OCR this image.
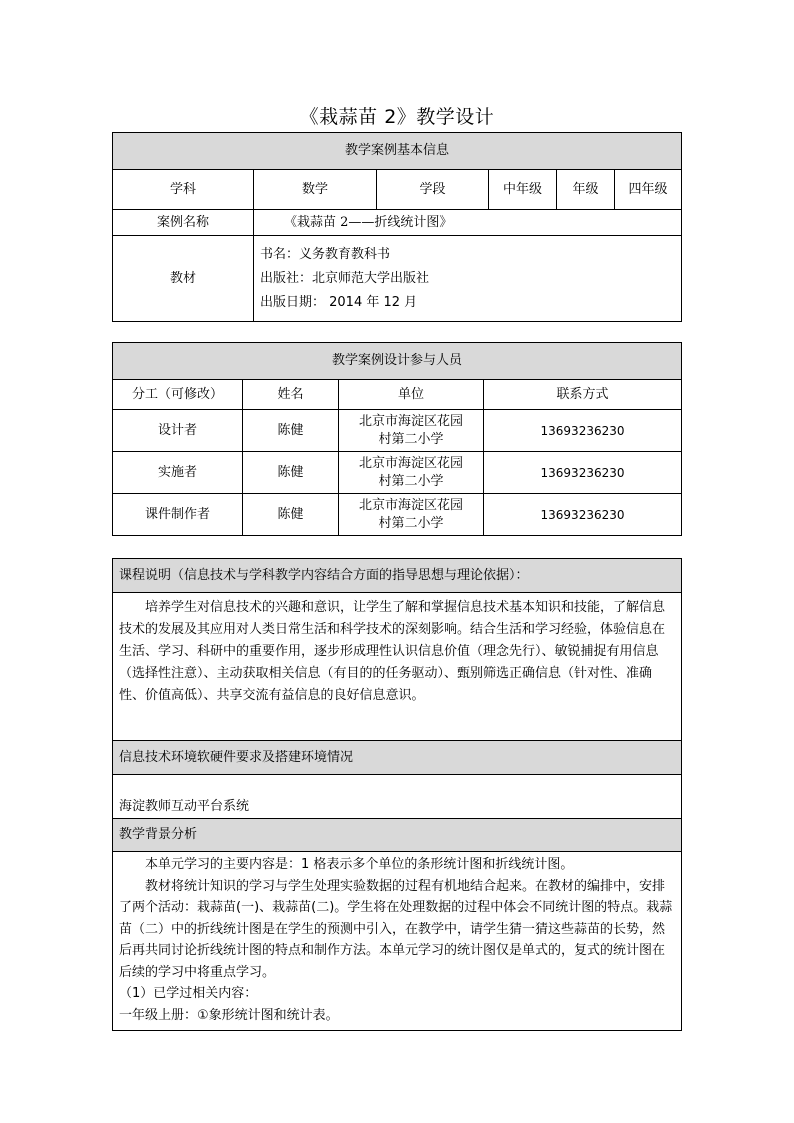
《栽蒜苗 2》教学设计
教学案例基本信息					
学科	数学	学段	中年级	年级	四年级
案例名称	《栽蒜苗 2——折线统计图》				
教材	书名：义务教育教科书
出版社：北京师范大学出版社
出版日期： 2014 年 12 月				
教学案例设计参与人员			
分工（可修改）	姓名	单位	联系方式
设计者	陈健	北京市海淀区花园村第二小学	13693236230
实施者	陈健	北京市海淀区花园村第二小学	13693236230
课件制作者	陈健	北京市海淀区花园村第二小学	13693236230
课程说明（信息技术与学科教学内容结合方面的指导思想与理论依据）：

培养学生对信息技术的兴趣和意识，让学生了解和掌握信息技术基本知识和技能，了解信息技术的发展及其应用对人类日常生活和科学技术的深刻影响。结合生活和学习经验，体验信息在生活、学习、科研中的重要作用，逐步形成理性认识信息价值（理念先行）、敏锐捕捉有用信息（选择性注意）、主动获取相关信息（有目的的任务驱动）、甄别筛选正确信息（针对性、准确性、价值高低）、共享交流有益信息的良好信息意识。

信息技术环境软硬件要求及搭建环境情况
海淀教师互动平台系统
教学背景分析

本单元学习的主要内容是：1 格表示多个单位的条形统计图和折线统计图。

教材将统计知识的学习与学生处理实验数据的过程有机地结合起来。在教材的编排中，安排了两个活动：栽蒜苗(一)、栽蒜苗(二)。学生将在处理数据的过程中体会不同统计图的特点。栽蒜苗（二）中的折线统计图是在学生的预测中引入，在教学中，请学生猜一猜这些蒜苗的长势，然后再共同讨论折线统计图的特点和制作方法。本单元学习的统计图仅是单式的，复式的统计图在后续的学习中将重点学习。

（1）已学过相关内容：

一年级上册：①象形统计图和统计表。
